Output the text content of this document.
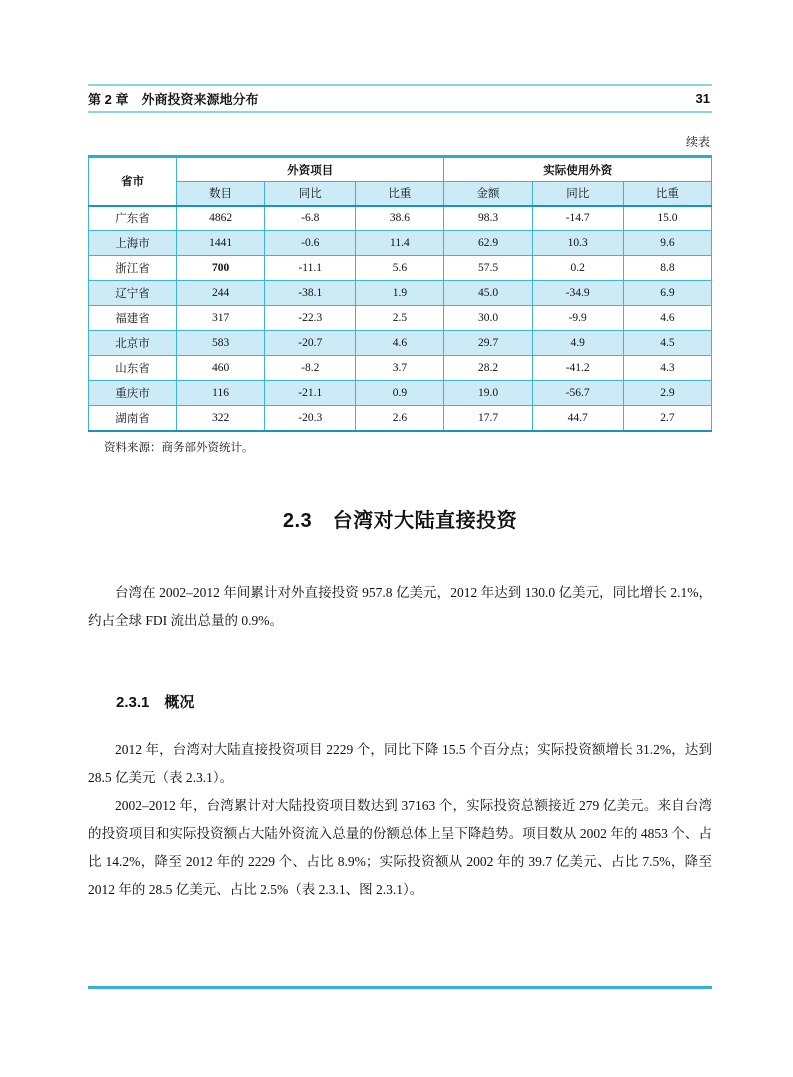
第 2 章　外商投资来源地分布	31
续表
省市	外资项目			实际使用外资		
	数目	同比	比重	金额	同比	比重
广东省	4862	-6.8	38.6	98.3	-14.7	15.0
上海市	1441	-0.6	11.4	62.9	10.3	9.6
浙江省	700	-11.1	5.6	57.5	0.2	8.8
辽宁省	244	-38.1	1.9	45.0	-34.9	6.9
福建省	317	-22.3	2.5	30.0	-9.9	4.6
北京市	583	-20.7	4.6	29.7	4.9	4.5
山东省	460	-8.2	3.7	28.2	-41.2	4.3
重庆市	116	-21.1	0.9	19.0	-56.7	2.9
湖南省	322	-20.3	2.6	17.7	44.7	2.7
资料来源：商务部外资统计。
2.3　台湾对大陆直接投资

台湾在 2002–2012 年间累计对外直接投资 957.8 亿美元，2012 年达到 130.0 亿美元，同比增长 2.1%，约占全球 FDI 流出总量的 0.9%。

2.3.1　概况

2012 年，台湾对大陆直接投资项目 2229 个，同比下降 15.5 个百分点；实际投资额增长 31.2%，达到 28.5 亿美元（表 2.3.1）。

2002–2012 年，台湾累计对大陆投资项目数达到 37163 个，实际投资总额接近 279 亿美元。来自台湾的投资项目和实际投资额占大陆外资流入总量的份额总体上呈下降趋势。项目数从 2002 年的 4853 个、占比 14.2%，降至 2012 年的 2229 个、占比 8.9%；实际投资额从 2002 年的 39.7 亿美元、占比 7.5%，降至 2012 年的 28.5 亿美元、占比 2.5%（表 2.3.1、图 2.3.1）。
